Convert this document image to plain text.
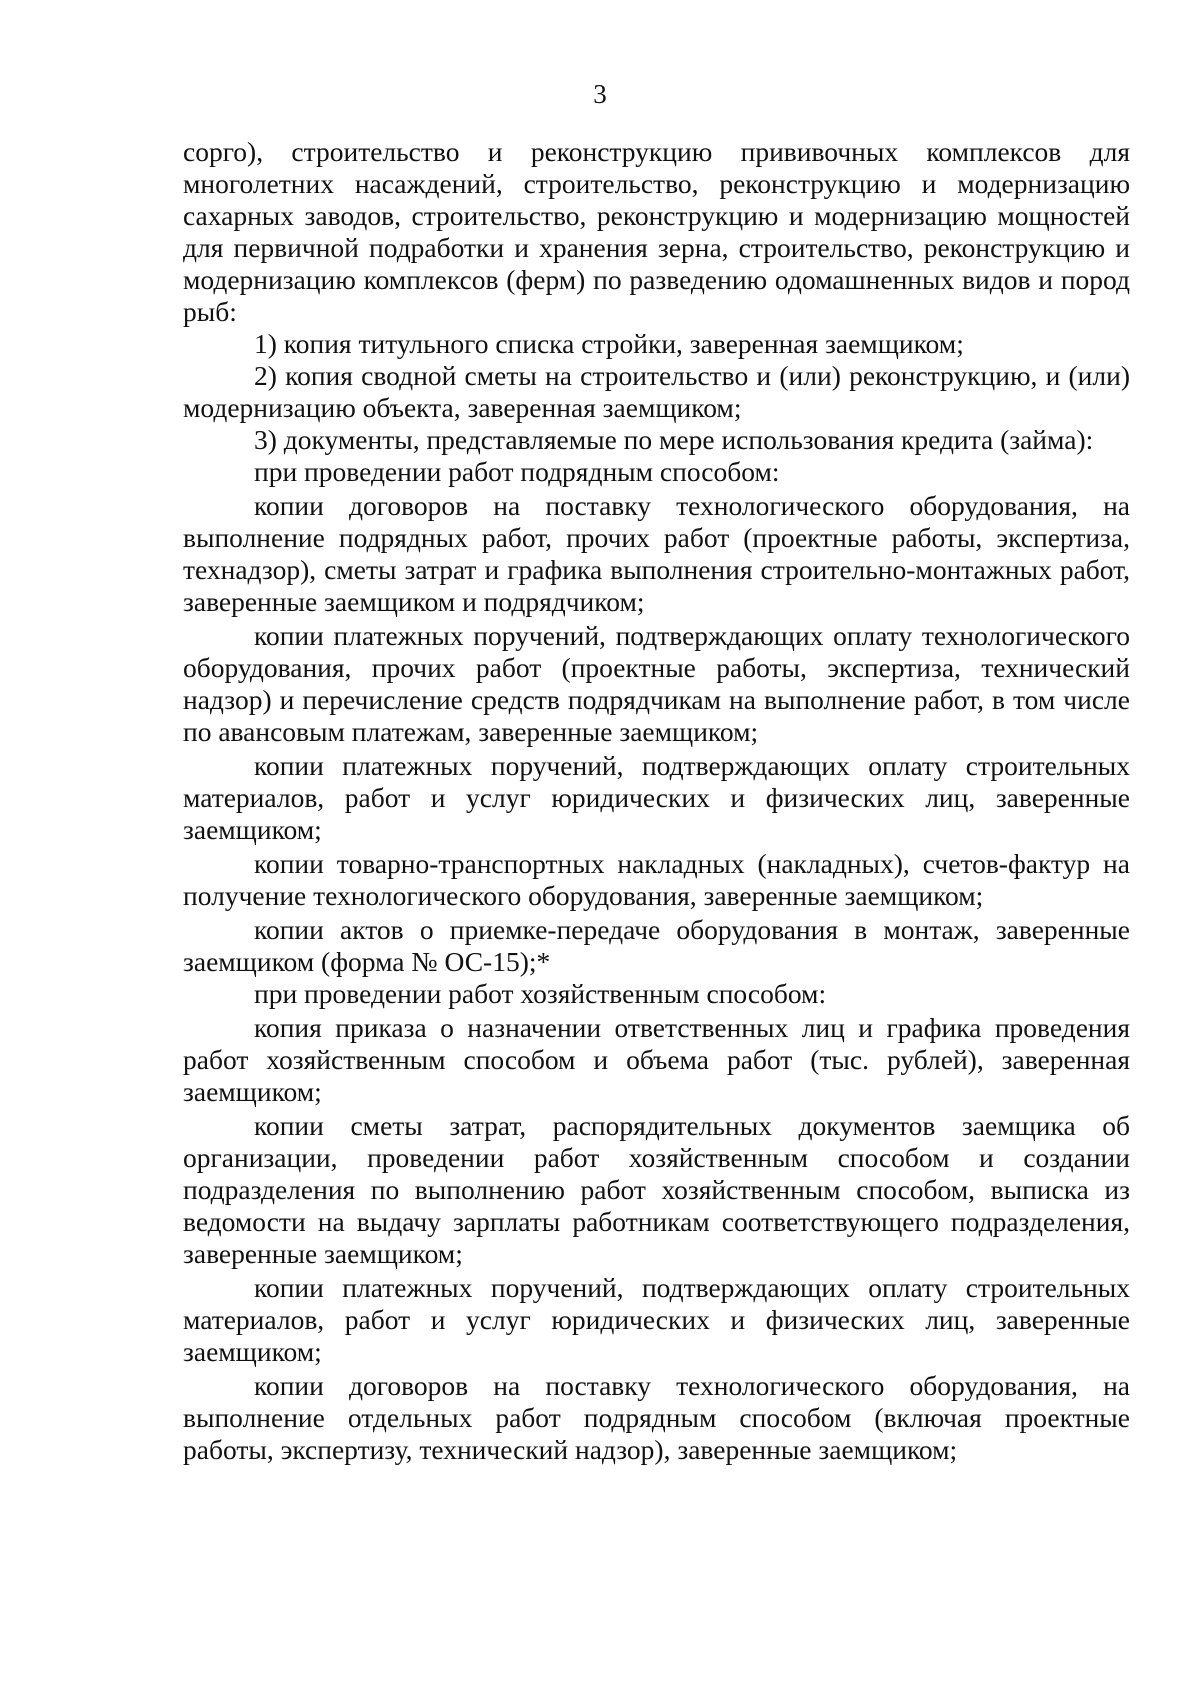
3

сорго), строительство и реконструкцию прививочных комплексов для многолетних насаждений, строительство, реконструкцию и модернизацию сахарных заводов, строительство, реконструкцию и модернизацию мощностей для первичной подработки и хранения зерна, строительство, реконструкцию и модернизацию комплексов (ферм) по разведению одомашненных видов и пород рыб:

1) копия титульного списка стройки, заверенная заемщиком;

2) копия сводной сметы на строительство и (или) реконструкцию, и (или) модернизацию объекта, заверенная заемщиком;

3) документы, представляемые по мере использования кредита (займа):

при проведении работ подрядным способом:

копии договоров на поставку технологического оборудования, на выполнение подрядных работ, прочих работ (проектные работы, экспертиза, технадзор), сметы затрат и графика выполнения строительно-монтажных работ, заверенные заемщиком и подрядчиком;

копии платежных поручений, подтверждающих оплату технологического оборудования, прочих работ (проектные работы, экспертиза, технический надзор) и перечисление средств подрядчикам на выполнение работ, в том числе по авансовым платежам, заверенные заемщиком;

копии платежных поручений, подтверждающих оплату строительных материалов, работ и услуг юридических и физических лиц, заверенные заемщиком;

копии товарно-транспортных накладных (накладных), счетов-фактур на получение технологического оборудования, заверенные заемщиком;

копии актов о приемке-передаче оборудования в монтаж, заверенные заемщиком (форма № ОС-15);*

при проведении работ хозяйственным способом:

копия приказа о назначении ответственных лиц и графика проведения работ хозяйственным способом и объема работ (тыс. рублей), заверенная заемщиком;

копии сметы затрат, распорядительных документов заемщика об организации, проведении работ хозяйственным способом и создании подразделения по выполнению работ хозяйственным способом, выписка из ведомости на выдачу зарплаты работникам соответствующего подразделения, заверенные заемщиком;

копии платежных поручений, подтверждающих оплату строительных материалов, работ и услуг юридических и физических лиц, заверенные заемщиком;

копии договоров на поставку технологического оборудования, на выполнение отдельных работ подрядным способом (включая проектные работы, экспертизу, технический надзор), заверенные заемщиком;
